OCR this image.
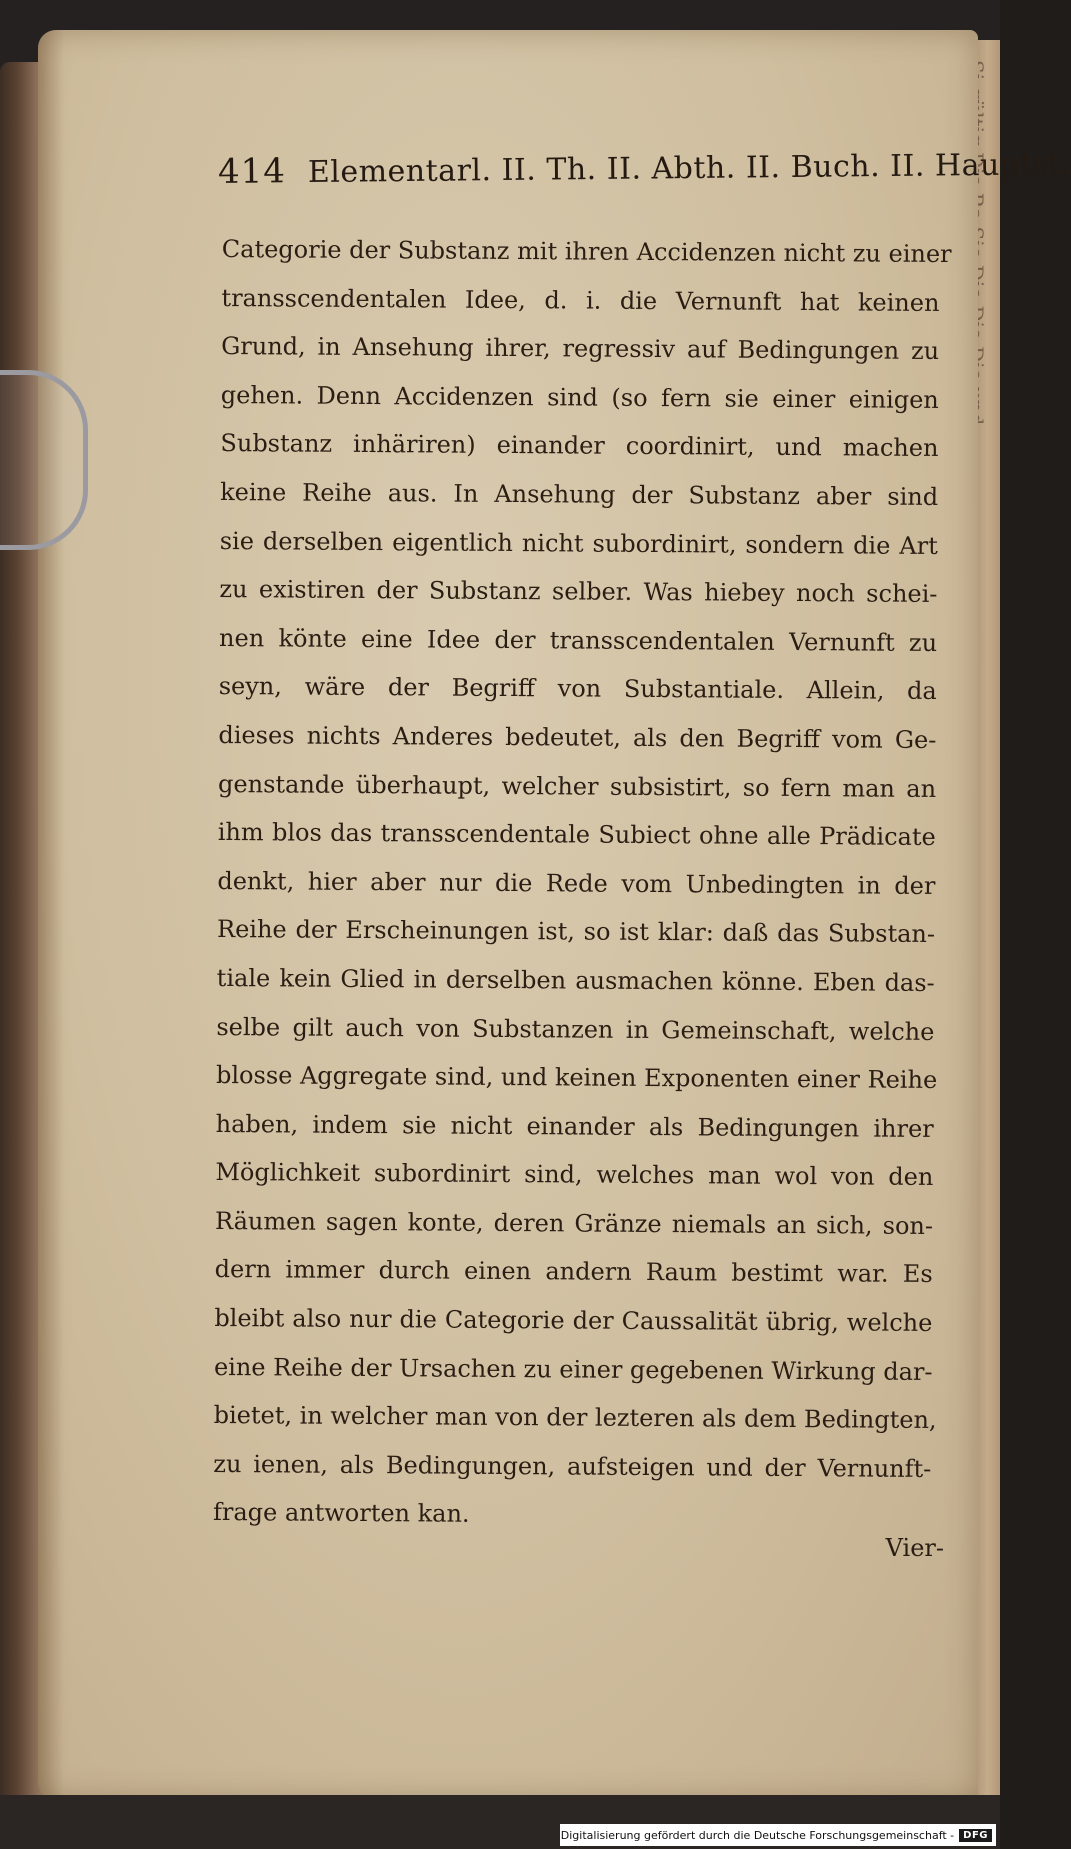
414 Elementarl. II. Th. II. Abth. II. Buch. II. Hauptst.
Categorie der Substanz mit ihren Accidenzen nicht zu einer
transscendentalen Idee, d. i. die Vernunft hat keinen
Grund, in Ansehung ihrer, regressiv auf Bedingungen zu
gehen. Denn Accidenzen sind (so fern sie einer einigen
Substanz inhäriren) einander coordinirt, und machen
keine Reihe aus. In Ansehung der Substanz aber sind
sie derselben eigentlich nicht subordinirt, sondern die Art
zu existiren der Substanz selber. Was hiebey noch schei-
nen könte eine Idee der transscendentalen Vernunft zu
seyn, wäre der Begriff von Substantiale. Allein, da
dieses nichts Anderes bedeutet, als den Begriff vom Ge-
genstande überhaupt, welcher subsistirt, so fern man an
ihm blos das transscendentale Subiect ohne alle Prädicate
denkt, hier aber nur die Rede vom Unbedingten in der
Reihe der Erscheinungen ist, so ist klar: daß das Substan-
tiale kein Glied in derselben ausmachen könne. Eben das-
selbe gilt auch von Substanzen in Gemeinschaft, welche
blosse Aggregate sind, und keinen Exponenten einer Reihe
haben, indem sie nicht einander als Bedingungen ihrer
Möglichkeit subordinirt sind, welches man wol von den
Räumen sagen konte, deren Gränze niemals an sich, son-
dern immer durch einen andern Raum bestimt war. Es
bleibt also nur die Categorie der Caussalität übrig, welche
eine Reihe der Ursachen zu einer gegebenen Wirkung dar-
bietet, in welcher man von der lezteren als dem Bedingten,
zu ienen, als Bedingungen, aufsteigen und der Vernunft-
frage antworten kan.
Vier-
Digitalisierung gefördert durch die Deutsche Forschungsgemeinschaft - DFG
